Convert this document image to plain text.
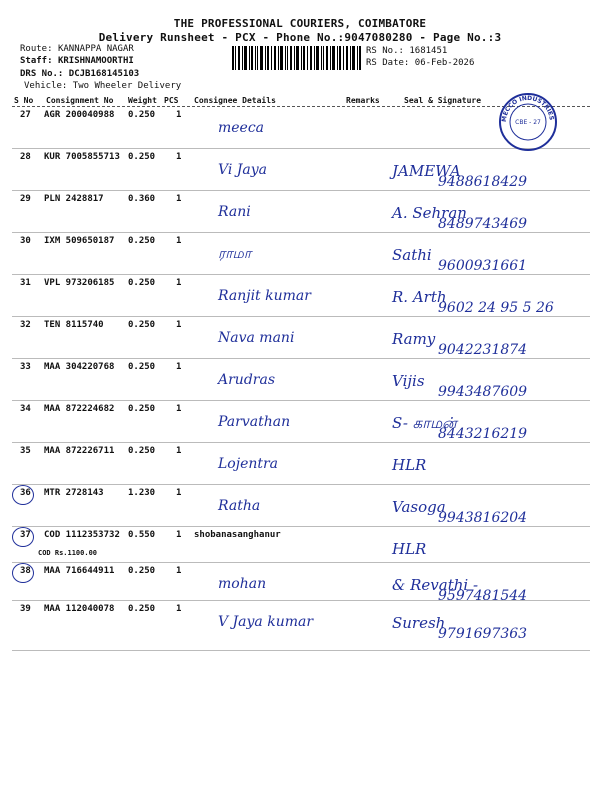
THE PROFESSIONAL COURIERS, COIMBATORE
Delivery Runsheet - PCX - Phone No.:9047080280 - Page No.:3
Route: KANNAPPA NAGAR
Staff: KRISHNAMOORTHI
DRS No.: DCJB168145103
Vehicle: Two Wheeler Delivery
RS No.: 1681451
RS Date: 06-Feb-2026
S No Consignment No Weight PCS Consignee Details	Remarks	Seal & Signature
27 AGR 200040988 0.250 1
meeca
28 KUR 7005855713 0.250 1
Vi Jaya	JAMEWA
9488618429
29 PLN 2428817	0.360 1
Rani	A. Sehran
8489743469
30 IXM 509650187 0.250 1
ராமா	Sathi
9600931661
31 VPL 973206185 0.250 1
Ranjit kumar	R. Arth
9602 24 95 5 26
32 TEN 8115740	0.250 1
Nava mani	Ramy
9042231874
33 MAA 304220768 0.250 1
Arudras	Vijis
9943487609
34 MAA 872224682 0.250 1
Parvathan	S- காமன்
8443216219
35 MAA 872226711 0.250 1
Lojentra	HLR
36 MTR 2728143	1.230 1
Ratha	Vasoga
9943816204
37 COD 1112353732 0.550 1 shobanasanghanur
COD Rs.1100.00	HLR
38 MAA 716644911 0.250 1
mohan	& Revathi -
9597481544
39 MAA 112040078 0.250 1
V Jaya kumar	Suresh
9791697363
MECCO INDUSTRIES
CBE - 27
